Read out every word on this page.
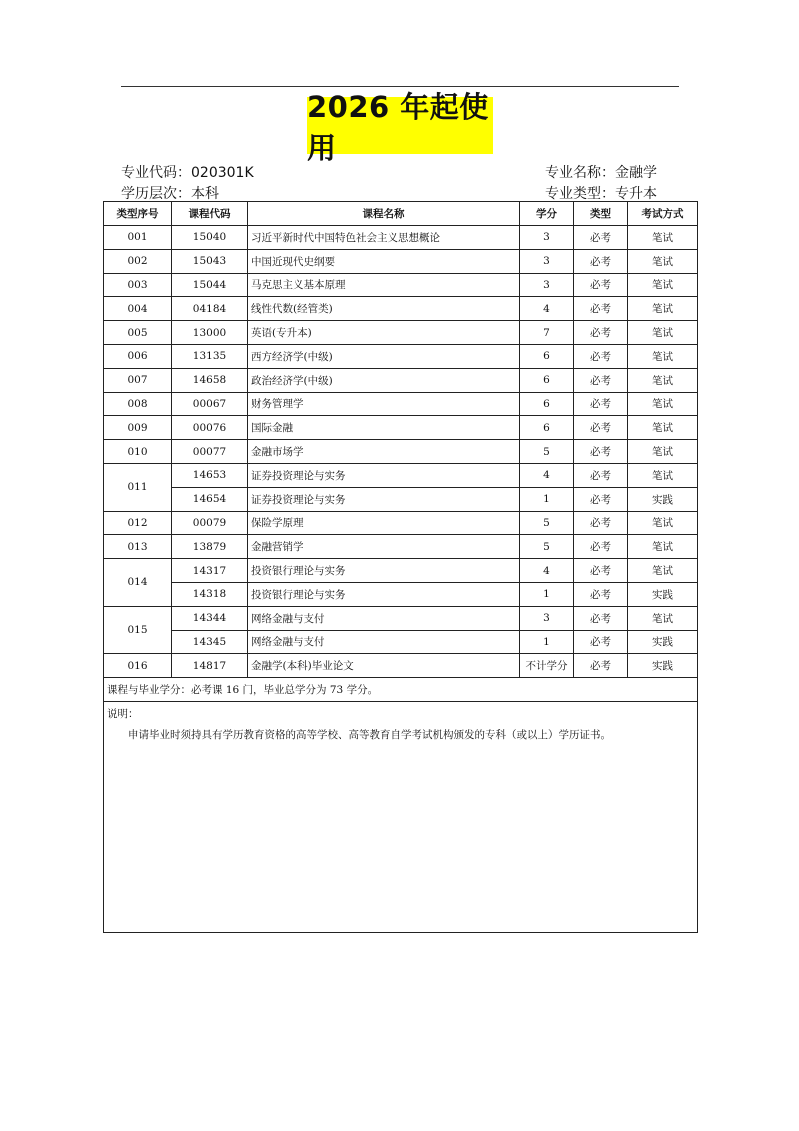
2026 年起使用
专业代码：020301K	专业名称：金融学
学历层次：本科	专业类型：专升本
类型序号	课程代码	课程名称	学分	类型	考试方式
001	15040	习近平新时代中国特色社会主义思想概论	3	必考	笔试
002	15043	中国近现代史纲要	3	必考	笔试
003	15044	马克思主义基本原理	3	必考	笔试
004	04184	线性代数(经管类)	4	必考	笔试
005	13000	英语(专升本)	7	必考	笔试
006	13135	西方经济学(中级)	6	必考	笔试
007	14658	政治经济学(中级)	6	必考	笔试
008	00067	财务管理学	6	必考	笔试
009	00076	国际金融	6	必考	笔试
010	00077	金融市场学	5	必考	笔试
011	14653	证券投资理论与实务	4	必考	笔试
	14654	证券投资理论与实务	1	必考	实践
012	00079	保险学原理	5	必考	笔试
013	13879	金融营销学	5	必考	笔试
014	14317	投资银行理论与实务	4	必考	笔试
	14318	投资银行理论与实务	1	必考	实践
015	14344	网络金融与支付	3	必考	笔试
	14345	网络金融与支付	1	必考	实践
016	14817	金融学(本科)毕业论文	不计学分	必考	实践
课程与毕业学分：必考课 16 门，毕业总学分为 73 学分。					

说明：
申请毕业时须持具有学历教育资格的高等学校、高等教育自学考试机构颁发的专科（或以上）学历证书。					
